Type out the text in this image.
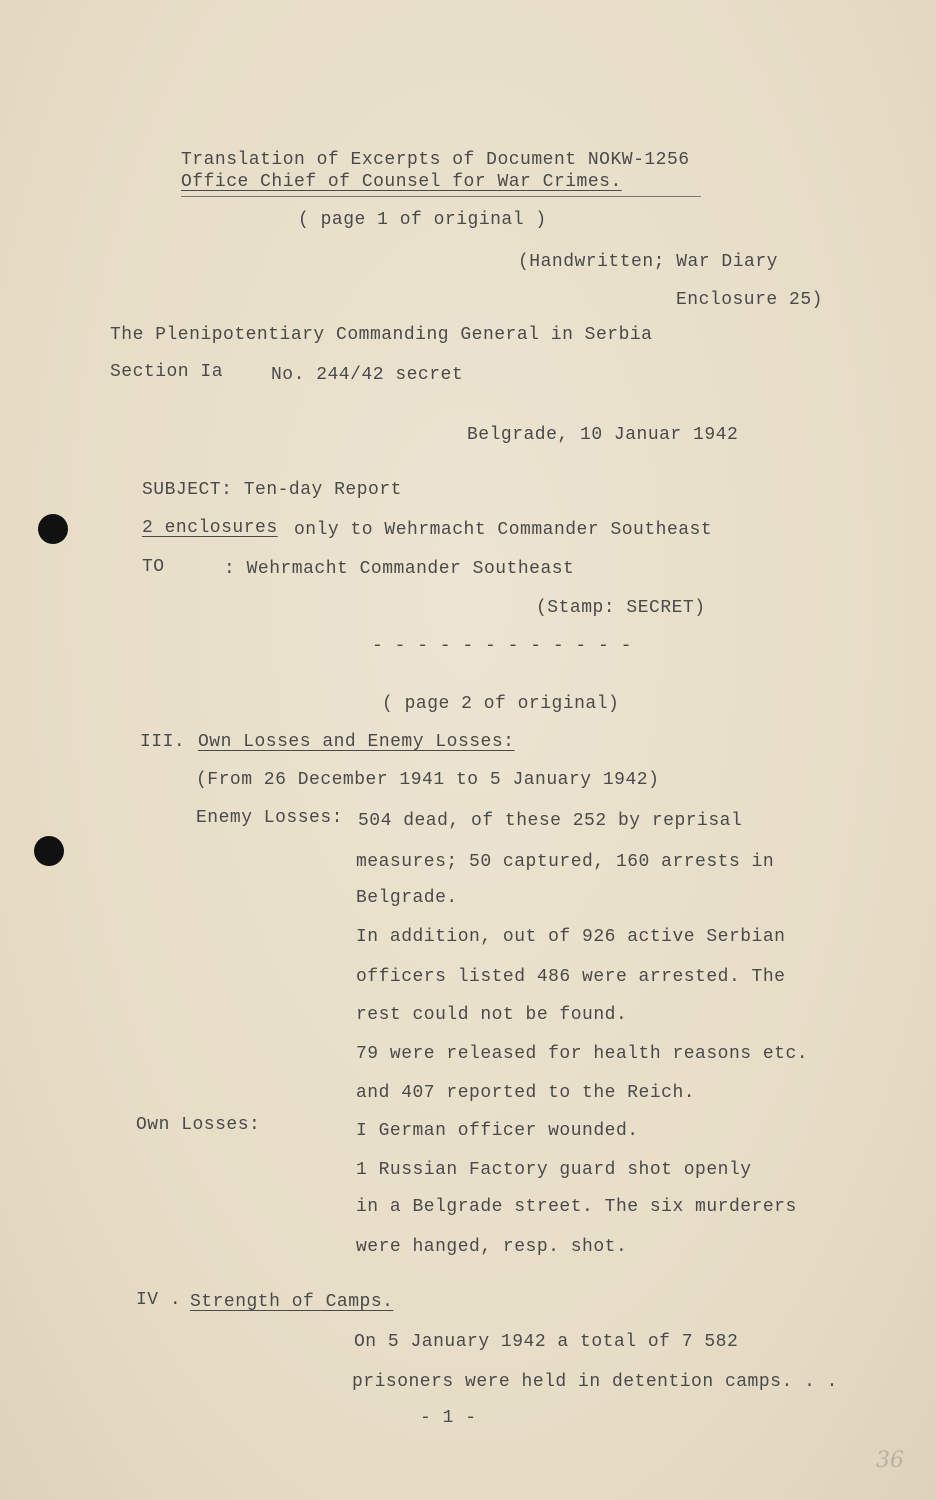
Translation of Excerpts of Document NOKW-1256
Office Chief of Counsel for War Crimes.
( page 1 of original )
(Handwritten; War Diary
Enclosure 25)
The Plenipotentiary Commanding General in Serbia
Section Ia	No. 244/42 secret
Belgrade, 10 Januar 1942
SUBJECT: Ten-day Report
2 enclosures only to Wehrmacht Commander Southeast
TO	: Wehrmacht Commander Southeast
(Stamp: SECRET)
- - - - - - - - - - - -
( page 2 of original)
III. Own Losses and Enemy Losses:
(From 26 December 1941 to 5 January 1942)
Enemy Losses: 504 dead, of these 252 by reprisal
measures; 50 captured, 160 arrests in
Belgrade.
In addition, out of 926 active Serbian
officers listed 486 were arrested. The
rest could not be found.
79 were released for health reasons etc.
and 407 reported to the Reich.
Own Losses:	I German officer wounded.
1 Russian Factory guard shot openly
in a Belgrade street. The six murderers
were hanged, resp. shot.
IV . Strength of Camps.
On 5 January 1942 a total of 7 582
prisoners were held in detention camps. . .
- 1 -
36
